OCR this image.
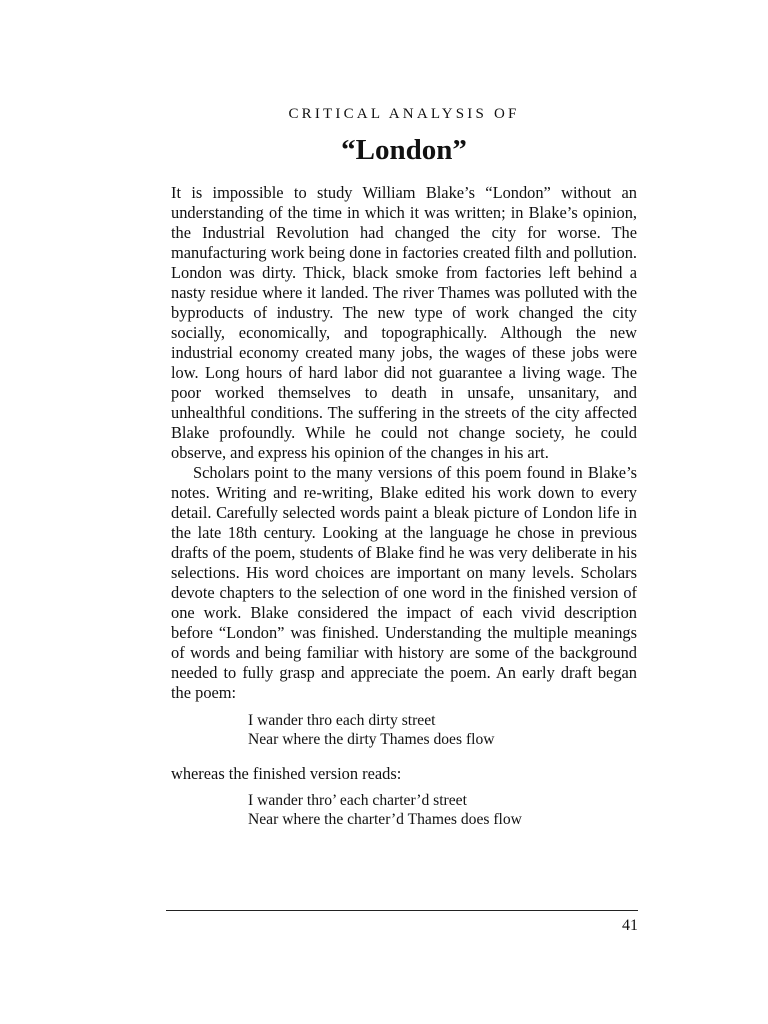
CRITICAL ANALYSIS OF
“London”

It is impossible to study William Blake’s “London” without an understanding of the time in which it was written; in Blake’s opinion, the Industrial Revolution had changed the city for worse. The manufacturing work being done in factories created filth and pollution. London was dirty. Thick, black smoke from factories left behind a nasty residue where it landed. The river Thames was polluted with the byproducts of industry. The new type of work changed the city socially, economically, and topographically. Although the new industrial economy created many jobs, the wages of these jobs were low. Long hours of hard labor did not guarantee a living wage. The poor worked themselves to death in unsafe, unsanitary, and unhealthful conditions. The suffering in the streets of the city affected Blake profoundly. While he could not change society, he could observe, and express his opinion of the changes in his art.

Scholars point to the many versions of this poem found in Blake’s notes. Writing and re-writing, Blake edited his work down to every detail. Carefully selected words paint a bleak picture of London life in the late 18th century. Looking at the language he chose in previous drafts of the poem, students of Blake find he was very deliberate in his selections. His word choices are important on many levels. Scholars devote chapters to the selection of one word in the finished version of one work. Blake considered the impact of each vivid description before “London” was finished. Understanding the multiple meanings of words and being familiar with history are some of the background needed to fully grasp and appreciate the poem. An early draft began the poem:

I wander thro each dirty street
Near where the dirty Thames does flow

whereas the finished version reads:

I wander thro’ each charter’d street
Near where the charter’d Thames does flow
41
